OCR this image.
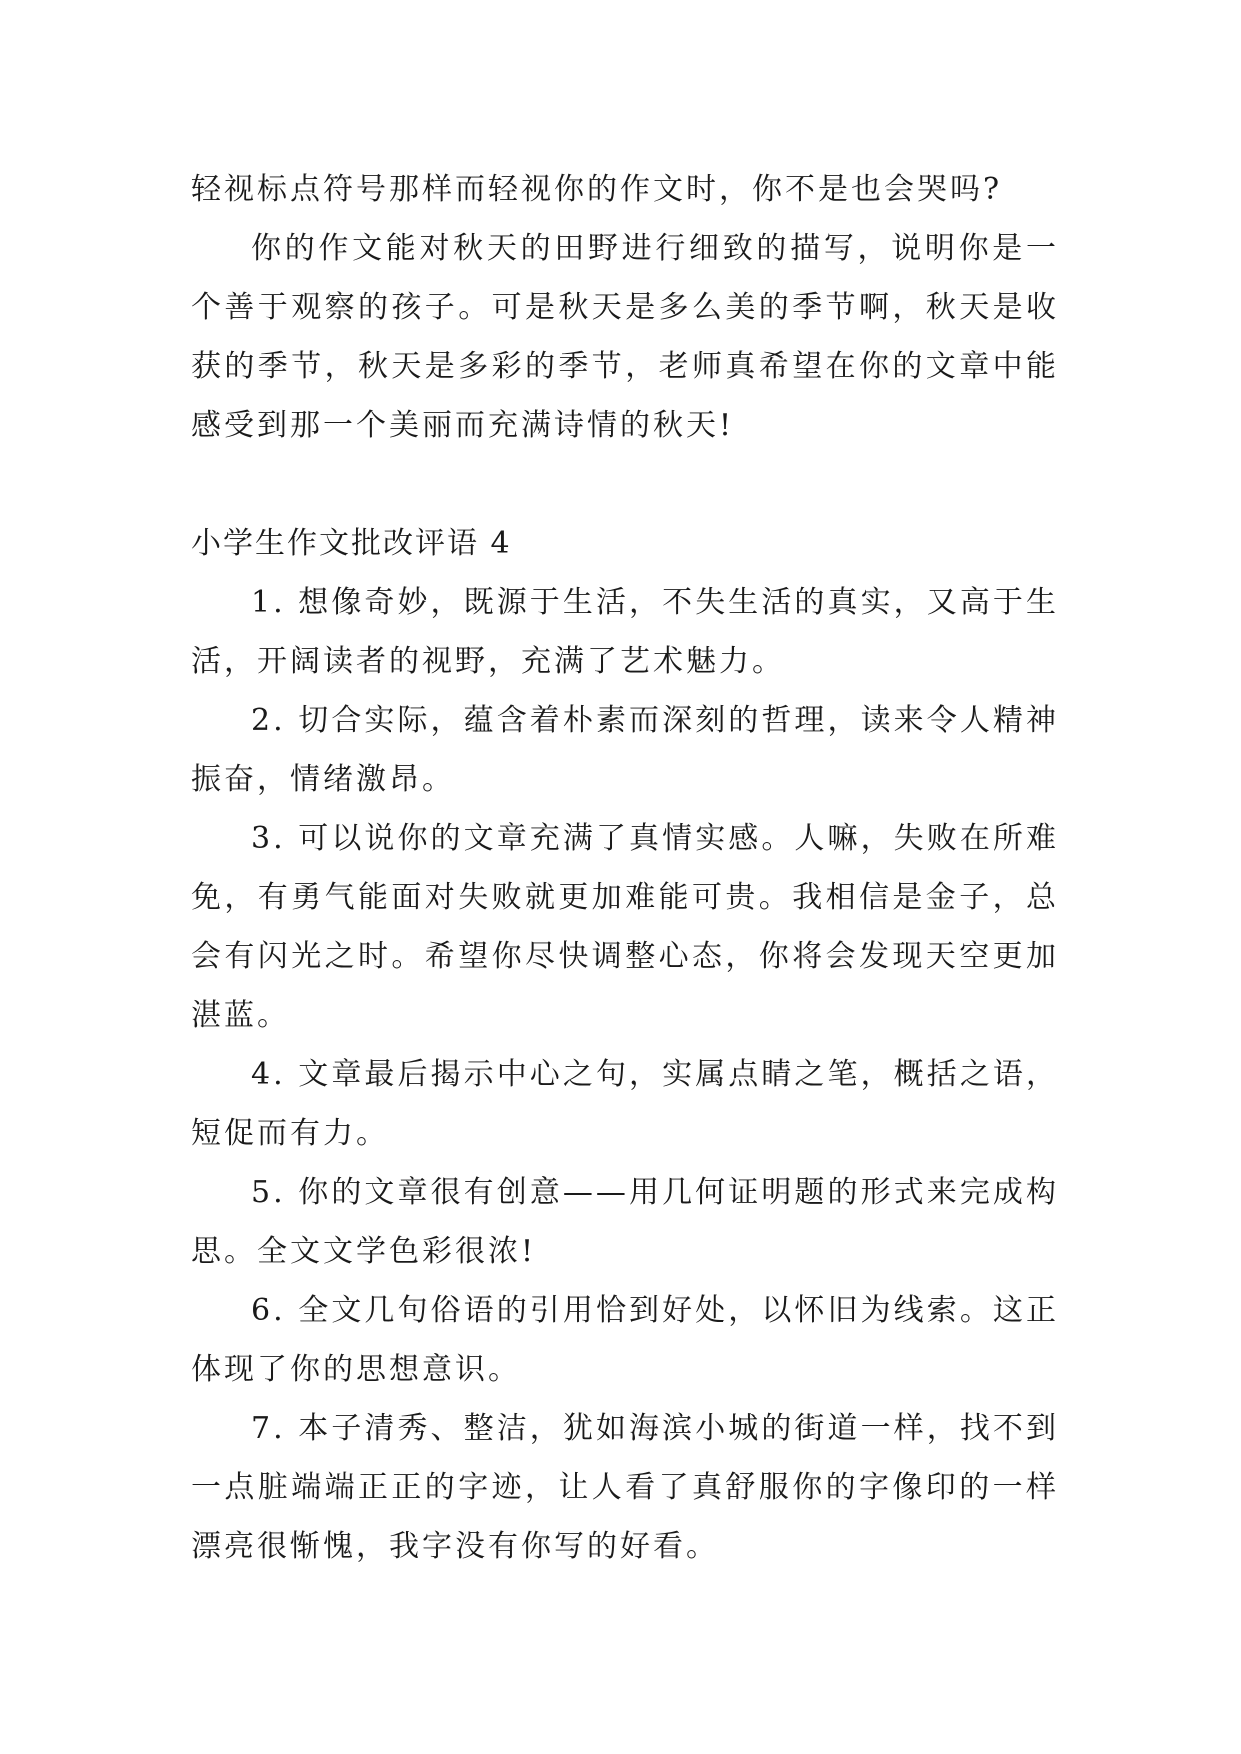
轻视标点符号那样而轻视你的作文时，你不是也会哭吗?

你的作文能对秋天的田野进行细致的描写，说明你是一个善于观察的孩子。可是秋天是多么美的季节啊，秋天是收获的季节，秋天是多彩的季节，老师真希望在你的文章中能感受到那一个美丽而充满诗情的秋天!

小学生作文批改评语 4

1. 想像奇妙，既源于生活，不失生活的真实，又高于生活，开阔读者的视野，充满了艺术魅力。

2. 切合实际，蕴含着朴素而深刻的哲理，读来令人精神振奋，情绪激昂。

3. 可以说你的文章充满了真情实感。人嘛，失败在所难免，有勇气能面对失败就更加难能可贵。我相信是金子，总会有闪光之时。希望你尽快调整心态，你将会发现天空更加湛蓝。

4. 文章最后揭示中心之句，实属点睛之笔，概括之语，短促而有力。

5. 你的文章很有创意——用几何证明题的形式来完成构思。全文文学色彩很浓!

6. 全文几句俗语的引用恰到好处，以怀旧为线索。这正体现了你的思想意识。

7. 本子清秀、整洁，犹如海滨小城的街道一样，找不到一点脏端端正正的字迹，让人看了真舒服你的字像印的一样漂亮很惭愧，我字没有你写的好看。
